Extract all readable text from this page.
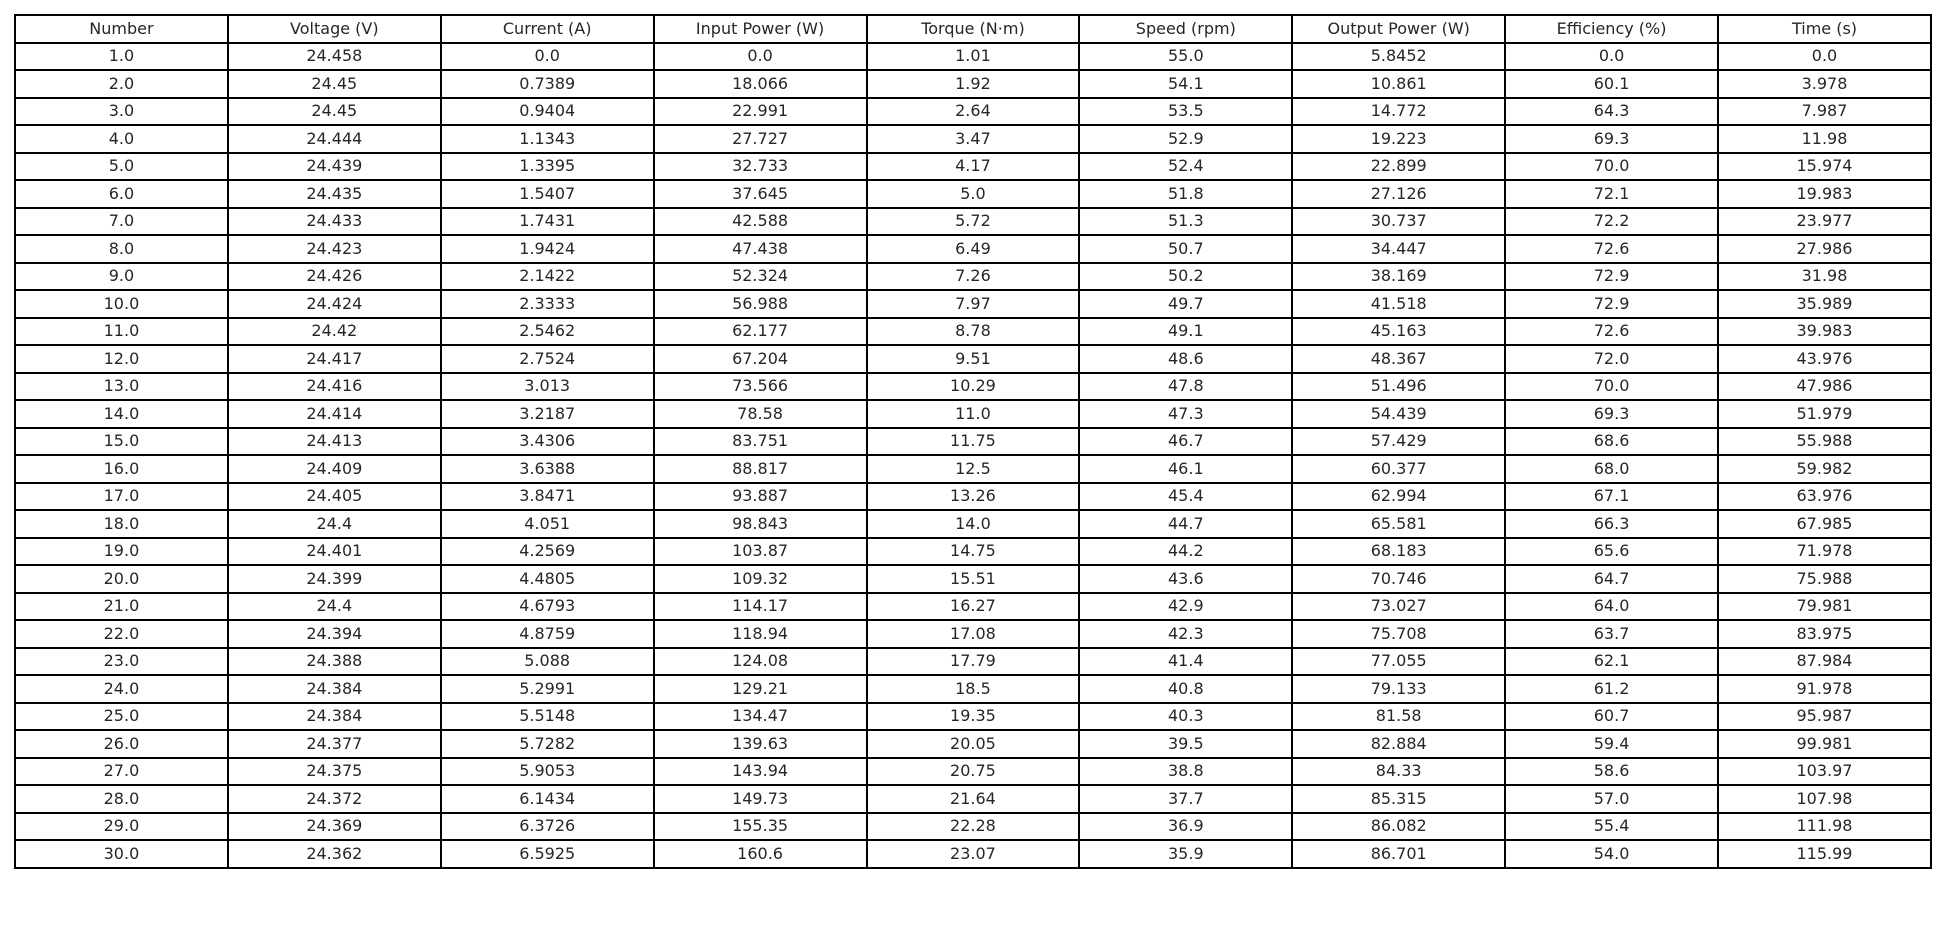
Number	Voltage (V)	Current (A)	Input Power (W)	Torque (N·m)	Speed (rpm)	Output Power (W)	Efficiency (%)	Time (s)
1.0	24.458	0.0	0.0	1.01	55.0	5.8452	0.0	0.0
2.0	24.45	0.7389	18.066	1.92	54.1	10.861	60.1	3.978
3.0	24.45	0.9404	22.991	2.64	53.5	14.772	64.3	7.987
4.0	24.444	1.1343	27.727	3.47	52.9	19.223	69.3	11.98
5.0	24.439	1.3395	32.733	4.17	52.4	22.899	70.0	15.974
6.0	24.435	1.5407	37.645	5.0	51.8	27.126	72.1	19.983
7.0	24.433	1.7431	42.588	5.72	51.3	30.737	72.2	23.977
8.0	24.423	1.9424	47.438	6.49	50.7	34.447	72.6	27.986
9.0	24.426	2.1422	52.324	7.26	50.2	38.169	72.9	31.98
10.0	24.424	2.3333	56.988	7.97	49.7	41.518	72.9	35.989
11.0	24.42	2.5462	62.177	8.78	49.1	45.163	72.6	39.983
12.0	24.417	2.7524	67.204	9.51	48.6	48.367	72.0	43.976
13.0	24.416	3.013	73.566	10.29	47.8	51.496	70.0	47.986
14.0	24.414	3.2187	78.58	11.0	47.3	54.439	69.3	51.979
15.0	24.413	3.4306	83.751	11.75	46.7	57.429	68.6	55.988
16.0	24.409	3.6388	88.817	12.5	46.1	60.377	68.0	59.982
17.0	24.405	3.8471	93.887	13.26	45.4	62.994	67.1	63.976
18.0	24.4	4.051	98.843	14.0	44.7	65.581	66.3	67.985
19.0	24.401	4.2569	103.87	14.75	44.2	68.183	65.6	71.978
20.0	24.399	4.4805	109.32	15.51	43.6	70.746	64.7	75.988
21.0	24.4	4.6793	114.17	16.27	42.9	73.027	64.0	79.981
22.0	24.394	4.8759	118.94	17.08	42.3	75.708	63.7	83.975
23.0	24.388	5.088	124.08	17.79	41.4	77.055	62.1	87.984
24.0	24.384	5.2991	129.21	18.5	40.8	79.133	61.2	91.978
25.0	24.384	5.5148	134.47	19.35	40.3	81.58	60.7	95.987
26.0	24.377	5.7282	139.63	20.05	39.5	82.884	59.4	99.981
27.0	24.375	5.9053	143.94	20.75	38.8	84.33	58.6	103.97
28.0	24.372	6.1434	149.73	21.64	37.7	85.315	57.0	107.98
29.0	24.369	6.3726	155.35	22.28	36.9	86.082	55.4	111.98
30.0	24.362	6.5925	160.6	23.07	35.9	86.701	54.0	115.99
